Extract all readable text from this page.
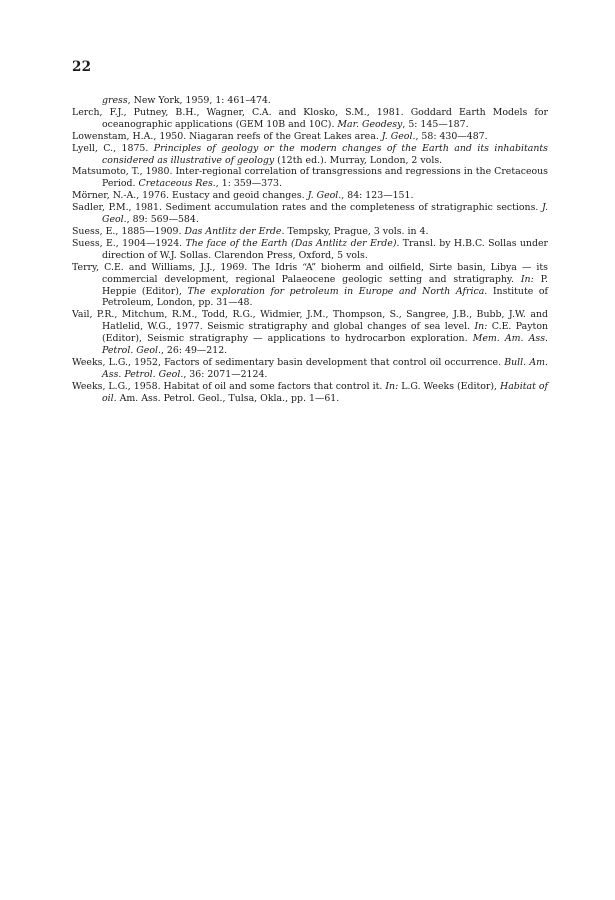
22

gress, New York, 1959, 1: 461–474.

Lerch, F.J., Putney, B.H., Wagner, C.A. and Klosko, S.M., 1981. Goddard Earth Models for oceanographic applications (GEM 10B and 10C). Mar. Geodesy, 5: 145—187.

Lowenstam, H.A., 1950. Niagaran reefs of the Great Lakes area. J. Geol., 58: 430—487.

Lyell, C., 1875. Principles of geology or the modern changes of the Earth and its inhabitants considered as illustrative of geology (12th ed.). Murray, London, 2 vols.

Matsumoto, T., 1980. Inter-regional correlation of transgressions and regressions in the Cretaceous Period. Cretaceous Res., 1: 359—373.

Mörner, N.-A., 1976. Eustacy and geoid changes. J. Geol., 84: 123—151.

Sadler, P.M., 1981. Sediment accumulation rates and the completeness of stratigraphic sections. J. Geol., 89: 569—584.

Suess, E., 1885—1909. Das Antlitz der Erde. Tempsky, Prague, 3 vols. in 4.

Suess, E., 1904—1924. The face of the Earth (Das Antlitz der Erde). Transl. by H.B.C. Sollas under direction of W.J. Sollas. Clarendon Press, Oxford, 5 vols.

Terry, C.E. and Williams, J.J., 1969. The Idris “A” bioherm and oilfield, Sirte basin, Libya — its commercial development, regional Palaeocene geologic setting and stratigraphy. In: P. Heppie (Editor), The exploration for petroleum in Europe and North Africa. Institute of Petroleum, London, pp. 31—48.

Vail, P.R., Mitchum, R.M., Todd, R.G., Widmier, J.M., Thompson, S., Sangree, J.B., Bubb, J.W. and Hatlelid, W.G., 1977. Seismic stratigraphy and global changes of sea level. In: C.E. Payton (Editor), Seismic stratigraphy — applications to hydrocarbon exploration. Mem. Am. Ass. Petrol. Geol., 26: 49—212.

Weeks, L.G., 1952, Factors of sedimentary basin development that control oil occurrence. Bull. Am. Ass. Petrol. Geol., 36: 2071—2124.

Weeks, L.G., 1958. Habitat of oil and some factors that control it. In: L.G. Weeks (Editor), Habitat of oil. Am. Ass. Petrol. Geol., Tulsa, Okla., pp. 1—61.
